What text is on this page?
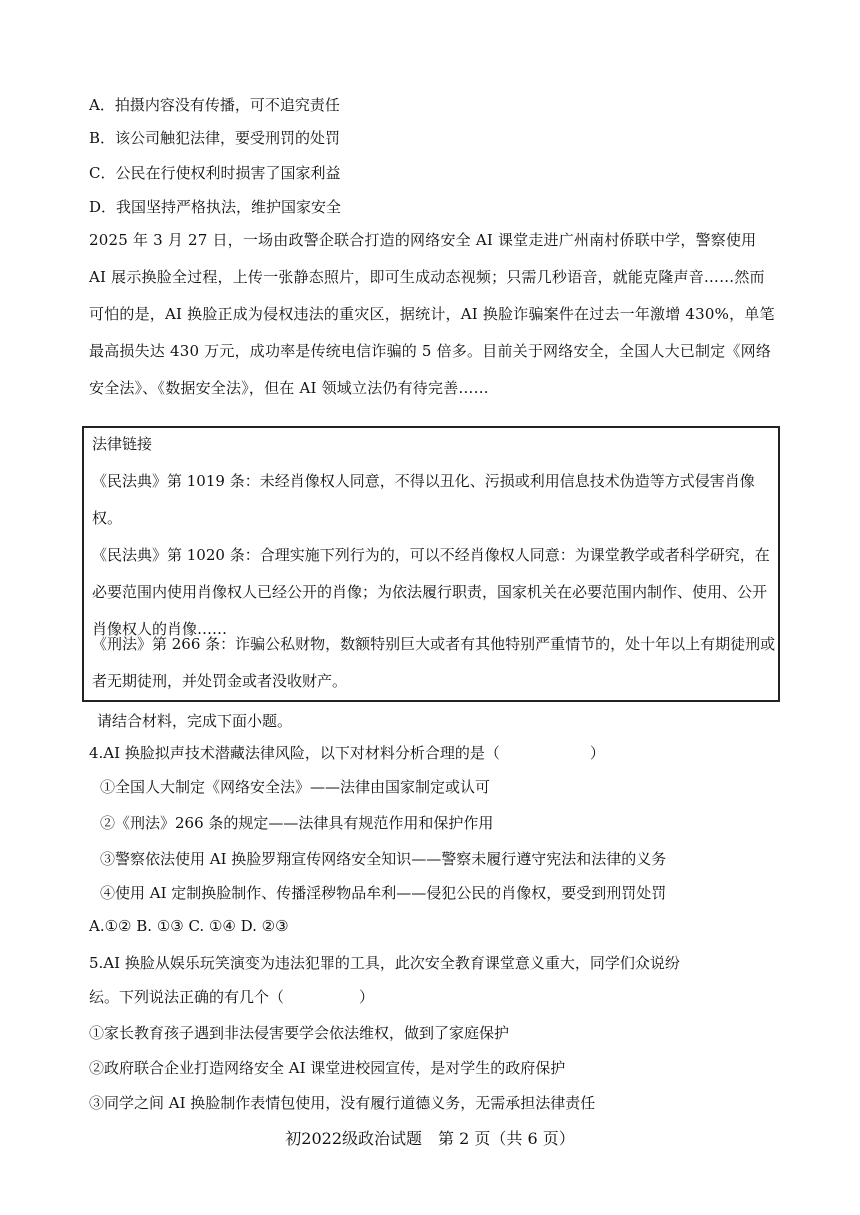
A．拍摄内容没有传播，可不追究责任
B．该公司触犯法律，要受刑罚的处罚
C．公民在行使权利时损害了国家利益
D．我国坚持严格执法，维护国家安全
2025 年 3 月 27 日，一场由政警企联合打造的网络安全 AI 课堂走进广州南村侨联中学，警察使用 AI 展示换脸全过程，上传一张静态照片，即可生成动态视频；只需几秒语音，就能克隆声音……然而可怕的是，AI 换脸正成为侵权违法的重灾区，据统计，AI 换脸诈骗案件在过去一年激增 430%，单笔最高损失达 430 万元，成功率是传统电信诈骗的 5 倍多。目前关于网络安全，全国人大已制定《网络安全法》、《数据安全法》，但在 AI 领域立法仍有待完善……
法律链接
《民法典》第 1019 条：未经肖像权人同意，不得以丑化、污损或利用信息技术伪造等方式侵害肖像权。
《民法典》第 1020 条：合理实施下列行为的，可以不经肖像权人同意：为课堂教学或者科学研究，在必要范围内使用肖像权人已经公开的肖像；为依法履行职责，国家机关在必要范围内制作、使用、公开肖像权人的肖像……
《刑法》第 266 条：诈骗公私财物，数额特别巨大或者有其他特别严重情节的，处十年以上有期徒刑或者无期徒刑，并处罚金或者没收财产。
请结合材料，完成下面小题。
4.AI 换脸拟声技术潜藏法律风险，以下对材料分析合理的是（　　　　　　）
①全国人大制定《网络安全法》——法律由国家制定或认可
②《刑法》266 条的规定——法律具有规范作用和保护作用
③警察依法使用 AI 换脸罗翔宣传网络安全知识——警察未履行遵守宪法和法律的义务
④使用 AI 定制换脸制作、传播淫秽物品牟利——侵犯公民的肖像权，要受到刑罚处罚
A.①② B. ①③ C. ①④ D. ②③
5.AI 换脸从娱乐玩笑演变为违法犯罪的工具，此次安全教育课堂意义重大，同学们众说纷
纭。下列说法正确的有几个（　　　　　）
①家长教育孩子遇到非法侵害要学会依法维权，做到了家庭保护
②政府联合企业打造网络安全 AI 课堂进校园宣传，是对学生的政府保护
③同学之间 AI 换脸制作表情包使用，没有履行道德义务，无需承担法律责任
初2022级政治试题　第 2 页（共 6 页）
